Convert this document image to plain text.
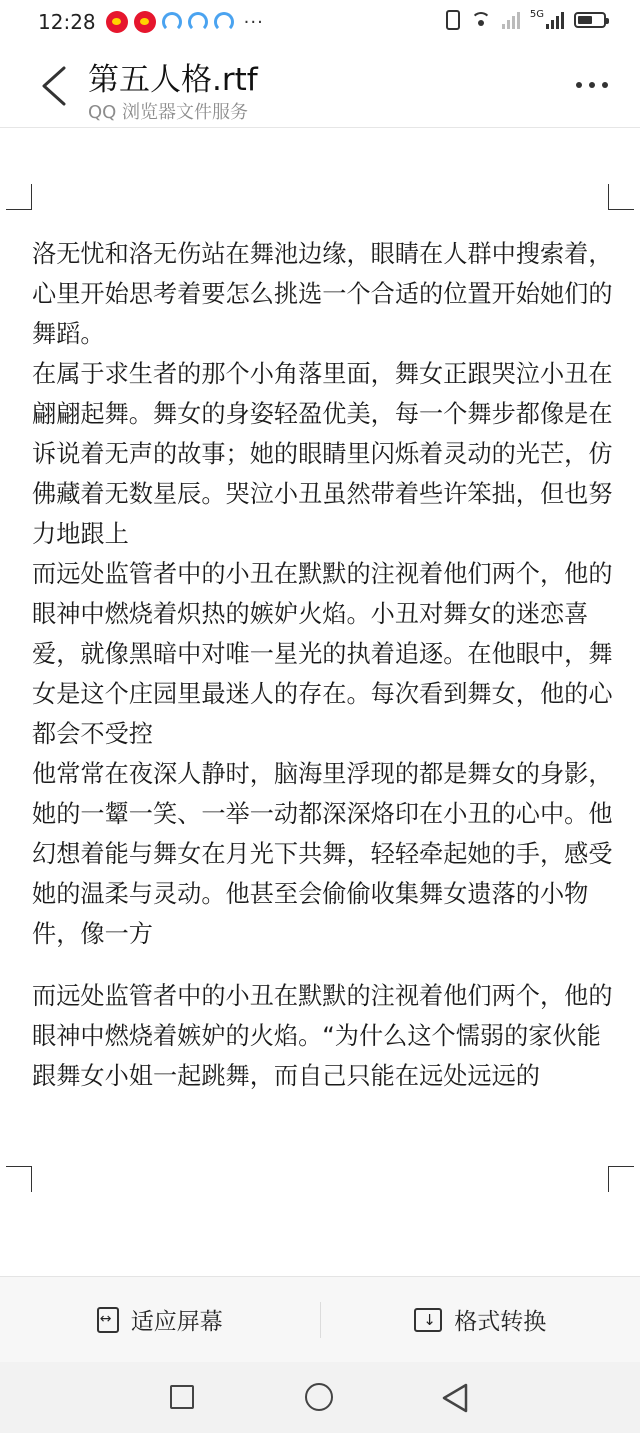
12:28	···	5G
第五人格.rtf
QQ 浏览器文件服务

洛无忧和洛无伤站在舞池边缘，眼睛在人群中搜索着，心里开始思考着要怎么挑选一个合适的位置开始她们的舞蹈。

在属于求生者的那个小角落里面，舞女正跟哭泣小丑在翩翩起舞。舞女的身姿轻盈优美，每一个舞步都像是在诉说着无声的故事；她的眼睛里闪烁着灵动的光芒，仿佛藏着无数星辰。哭泣小丑虽然带着些许笨拙，但也努力地跟上

而远处监管者中的小丑在默默的注视着他们两个，他的眼神中燃烧着炽热的嫉妒火焰。小丑对舞女的迷恋喜爱，就像黑暗中对唯一星光的执着追逐。在他眼中，舞女是这个庄园里最迷人的存在。每次看到舞女，他的心都会不受控

他常常在夜深人静时，脑海里浮现的都是舞女的身影，她的一颦一笑、一举一动都深深烙印在小丑的心中。他幻想着能与舞女在月光下共舞，轻轻牵起她的手，感受她的温柔与灵动。他甚至会偷偷收集舞女遗落的小物件，像一方

而远处监管者中的小丑在默默的注视着他们两个，他的眼神中燃烧着嫉妒的火焰。“为什么这个懦弱的家伙能跟舞女小姐一起跳舞，而自己只能在远处远远的

↔
适应屏幕
↓	格式转换
